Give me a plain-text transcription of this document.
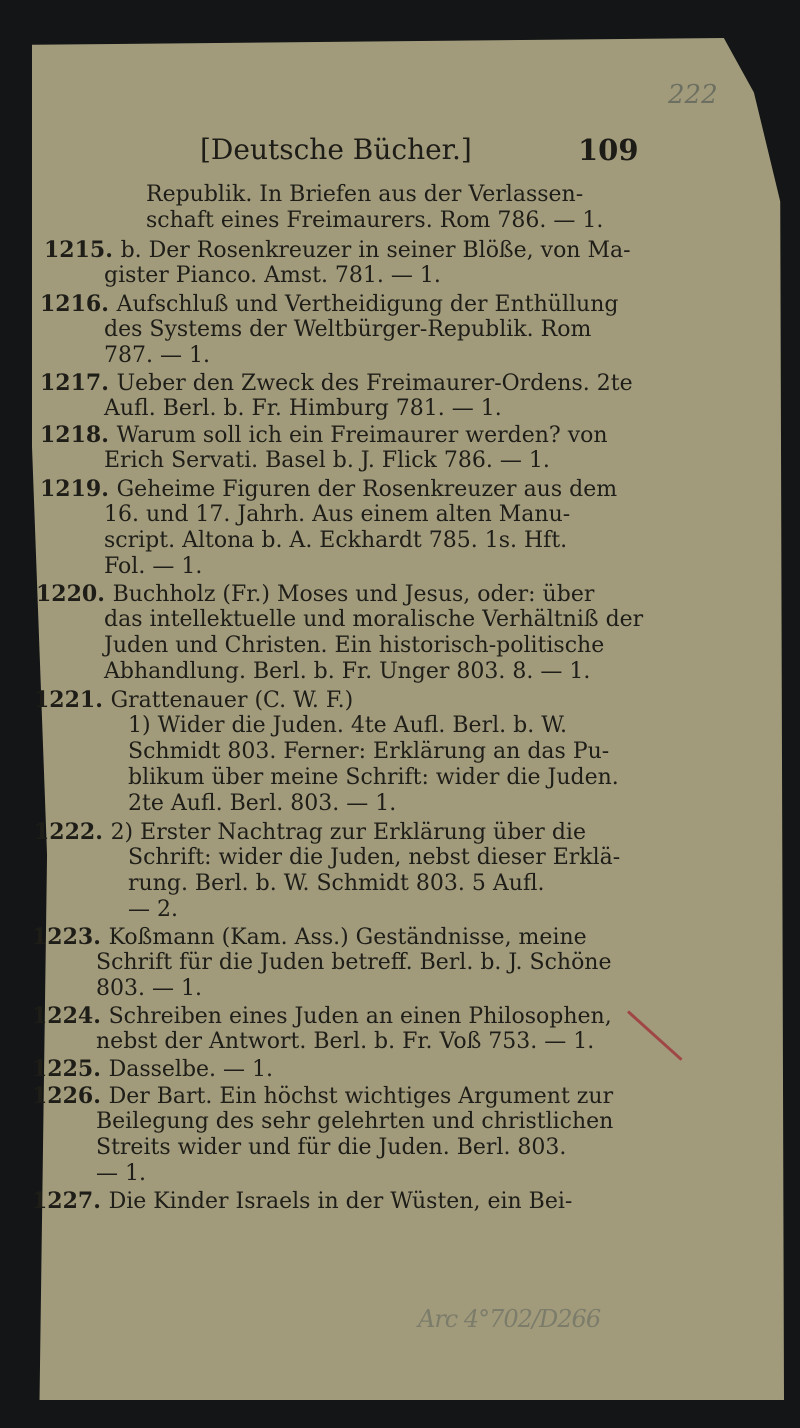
222
[Deutsche Bücher.]	109
Republik. In Briefen aus der Verlassen-
schaft eines Freimaurers. Rom 786. — 1.
1215. b. Der Rosenkreuzer in seiner Blöße, von Ma-
gister Pianco. Amst. 781. — 1.
1216. Aufschluß und Vertheidigung der Enthüllung
des Systems der Weltbürger-Republik. Rom
787. — 1.
1217. Ueber den Zweck des Freimaurer-Ordens. 2te
Aufl. Berl. b. Fr. Himburg 781. — 1.
1218. Warum soll ich ein Freimaurer werden? von
Erich Servati. Basel b. J. Flick 786. — 1.
1219. Geheime Figuren der Rosenkreuzer aus dem
16. und 17. Jahrh. Aus einem alten Manu-
script. Altona b. A. Eckhardt 785. 1s. Hft.
Fol. — 1.
1220. Buchholz (Fr.) Moses und Jesus, oder: über
das intellektuelle und moralische Verhältniß der
Juden und Christen. Ein historisch-politische
Abhandlung. Berl. b. Fr. Unger 803. 8. — 1.
1221. Grattenauer (C. W. F.)
1) Wider die Juden. 4te Aufl. Berl. b. W.
Schmidt 803. Ferner: Erklärung an das Pu-
blikum über meine Schrift: wider die Juden.
2te Aufl. Berl. 803. — 1.
1222. 2) Erster Nachtrag zur Erklärung über die
Schrift: wider die Juden, nebst dieser Erklä-
rung. Berl. b. W. Schmidt 803. 5 Aufl.
— 2.
1223. Koßmann (Kam. Ass.) Geständnisse, meine
Schrift für die Juden betreff. Berl. b. J. Schöne
803. — 1.
1224. Schreiben eines Juden an einen Philosophen,
nebst der Antwort. Berl. b. Fr. Voß 753. — 1.
1225. Dasselbe. — 1.
1226. Der Bart. Ein höchst wichtiges Argument zur
Beilegung des sehr gelehrten und christlichen
Streits wider und für die Juden. Berl. 803.
— 1.
1227. Die Kinder Israels in der Wüsten, ein Bei-
Arc 4°702/D266
